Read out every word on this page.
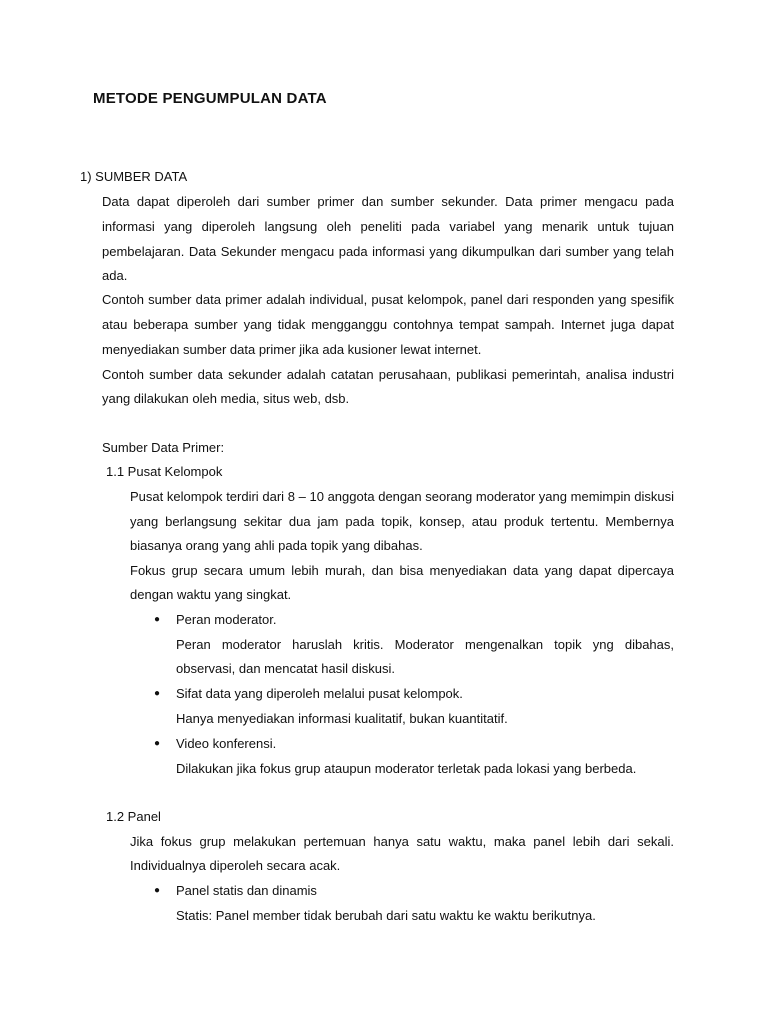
METODE PENGUMPULAN DATA
1) SUMBER DATA
Data dapat diperoleh dari sumber primer dan sumber sekunder. Data primer mengacu pada
informasi yang diperoleh langsung oleh peneliti pada variabel yang menarik untuk tujuan
pembelajaran. Data Sekunder mengacu pada informasi yang dikumpulkan dari sumber yang telah
ada.
Contoh sumber data primer adalah individual, pusat kelompok, panel dari responden yang spesifik
atau beberapa sumber yang tidak mengganggu contohnya tempat sampah. Internet juga dapat
menyediakan sumber data primer jika ada kusioner lewat internet.
Contoh sumber data sekunder adalah catatan perusahaan, publikasi pemerintah, analisa industri
yang dilakukan oleh media, situs web, dsb.
Sumber Data Primer:
1.1 Pusat Kelompok
Pusat kelompok terdiri dari 8 – 10 anggota dengan seorang moderator yang memimpin diskusi
yang berlangsung sekitar dua jam pada topik, konsep, atau produk tertentu. Membernya
biasanya orang yang ahli pada topik yang dibahas.
Fokus grup secara umum lebih murah, dan bisa menyediakan data yang dapat dipercaya
dengan waktu yang singkat.
● Peran moderator.
Peran moderator haruslah kritis. Moderator mengenalkan topik yng dibahas,
observasi, dan mencatat hasil diskusi.
● Sifat data yang diperoleh melalui pusat kelompok.
Hanya menyediakan informasi kualitatif, bukan kuantitatif.
● Video konferensi.
Dilakukan jika fokus grup ataupun moderator terletak pada lokasi yang berbeda.
1.2 Panel
Jika fokus grup melakukan pertemuan hanya satu waktu, maka panel lebih dari sekali.
Individualnya diperoleh secara acak.
● Panel statis dan dinamis
Statis: Panel member tidak berubah dari satu waktu ke waktu berikutnya.
